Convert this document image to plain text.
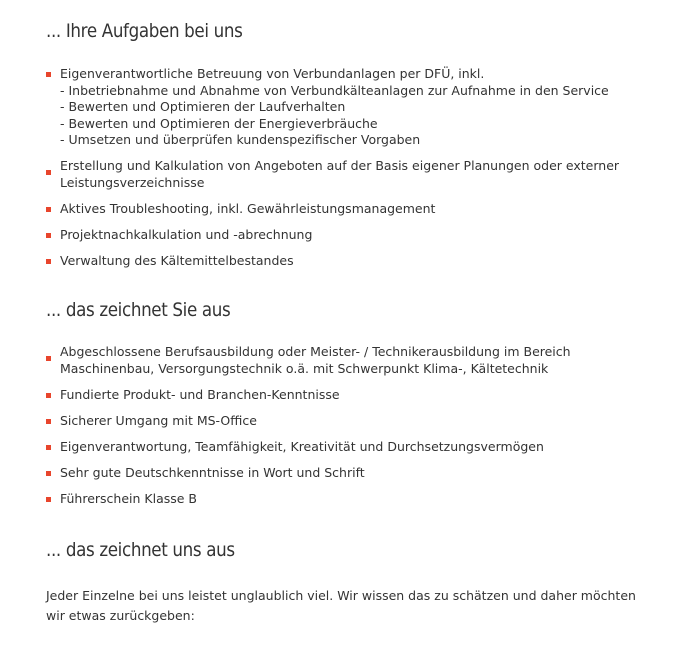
... Ihre Aufgaben bei uns
Eigenverantwortliche Betreuung von Verbundanlagen per DFÜ, inkl.
- Inbetriebnahme und Abnahme von Verbundkälteanlagen zur Aufnahme in den Service
- Bewerten und Optimieren der Laufverhalten
- Bewerten und Optimieren der Energieverbräuche
- Umsetzen und überprüfen kundenspezifischer Vorgaben
Erstellung und Kalkulation von Angeboten auf der Basis eigener Planungen oder externer
Leistungsverzeichnisse
Aktives Troubleshooting, inkl. Gewährleistungsmanagement
Projektnachkalkulation und -abrechnung
Verwaltung des Kältemittelbestandes
... das zeichnet Sie aus
Abgeschlossene Berufsausbildung oder Meister- / Technikerausbildung im Bereich
Maschinenbau, Versorgungstechnik o.ä. mit Schwerpunkt Klima-, Kältetechnik
Fundierte Produkt- und Branchen-Kenntnisse
Sicherer Umgang mit MS-Office
Eigenverantwortung, Teamfähigkeit, Kreativität und Durchsetzungsvermögen
Sehr gute Deutschkenntnisse in Wort und Schrift
Führerschein Klasse B
... das zeichnet uns aus

Jeder Einzelne bei uns leistet unglaublich viel. Wir wissen das zu schätzen und daher möchten wir etwas zurückgeben:
